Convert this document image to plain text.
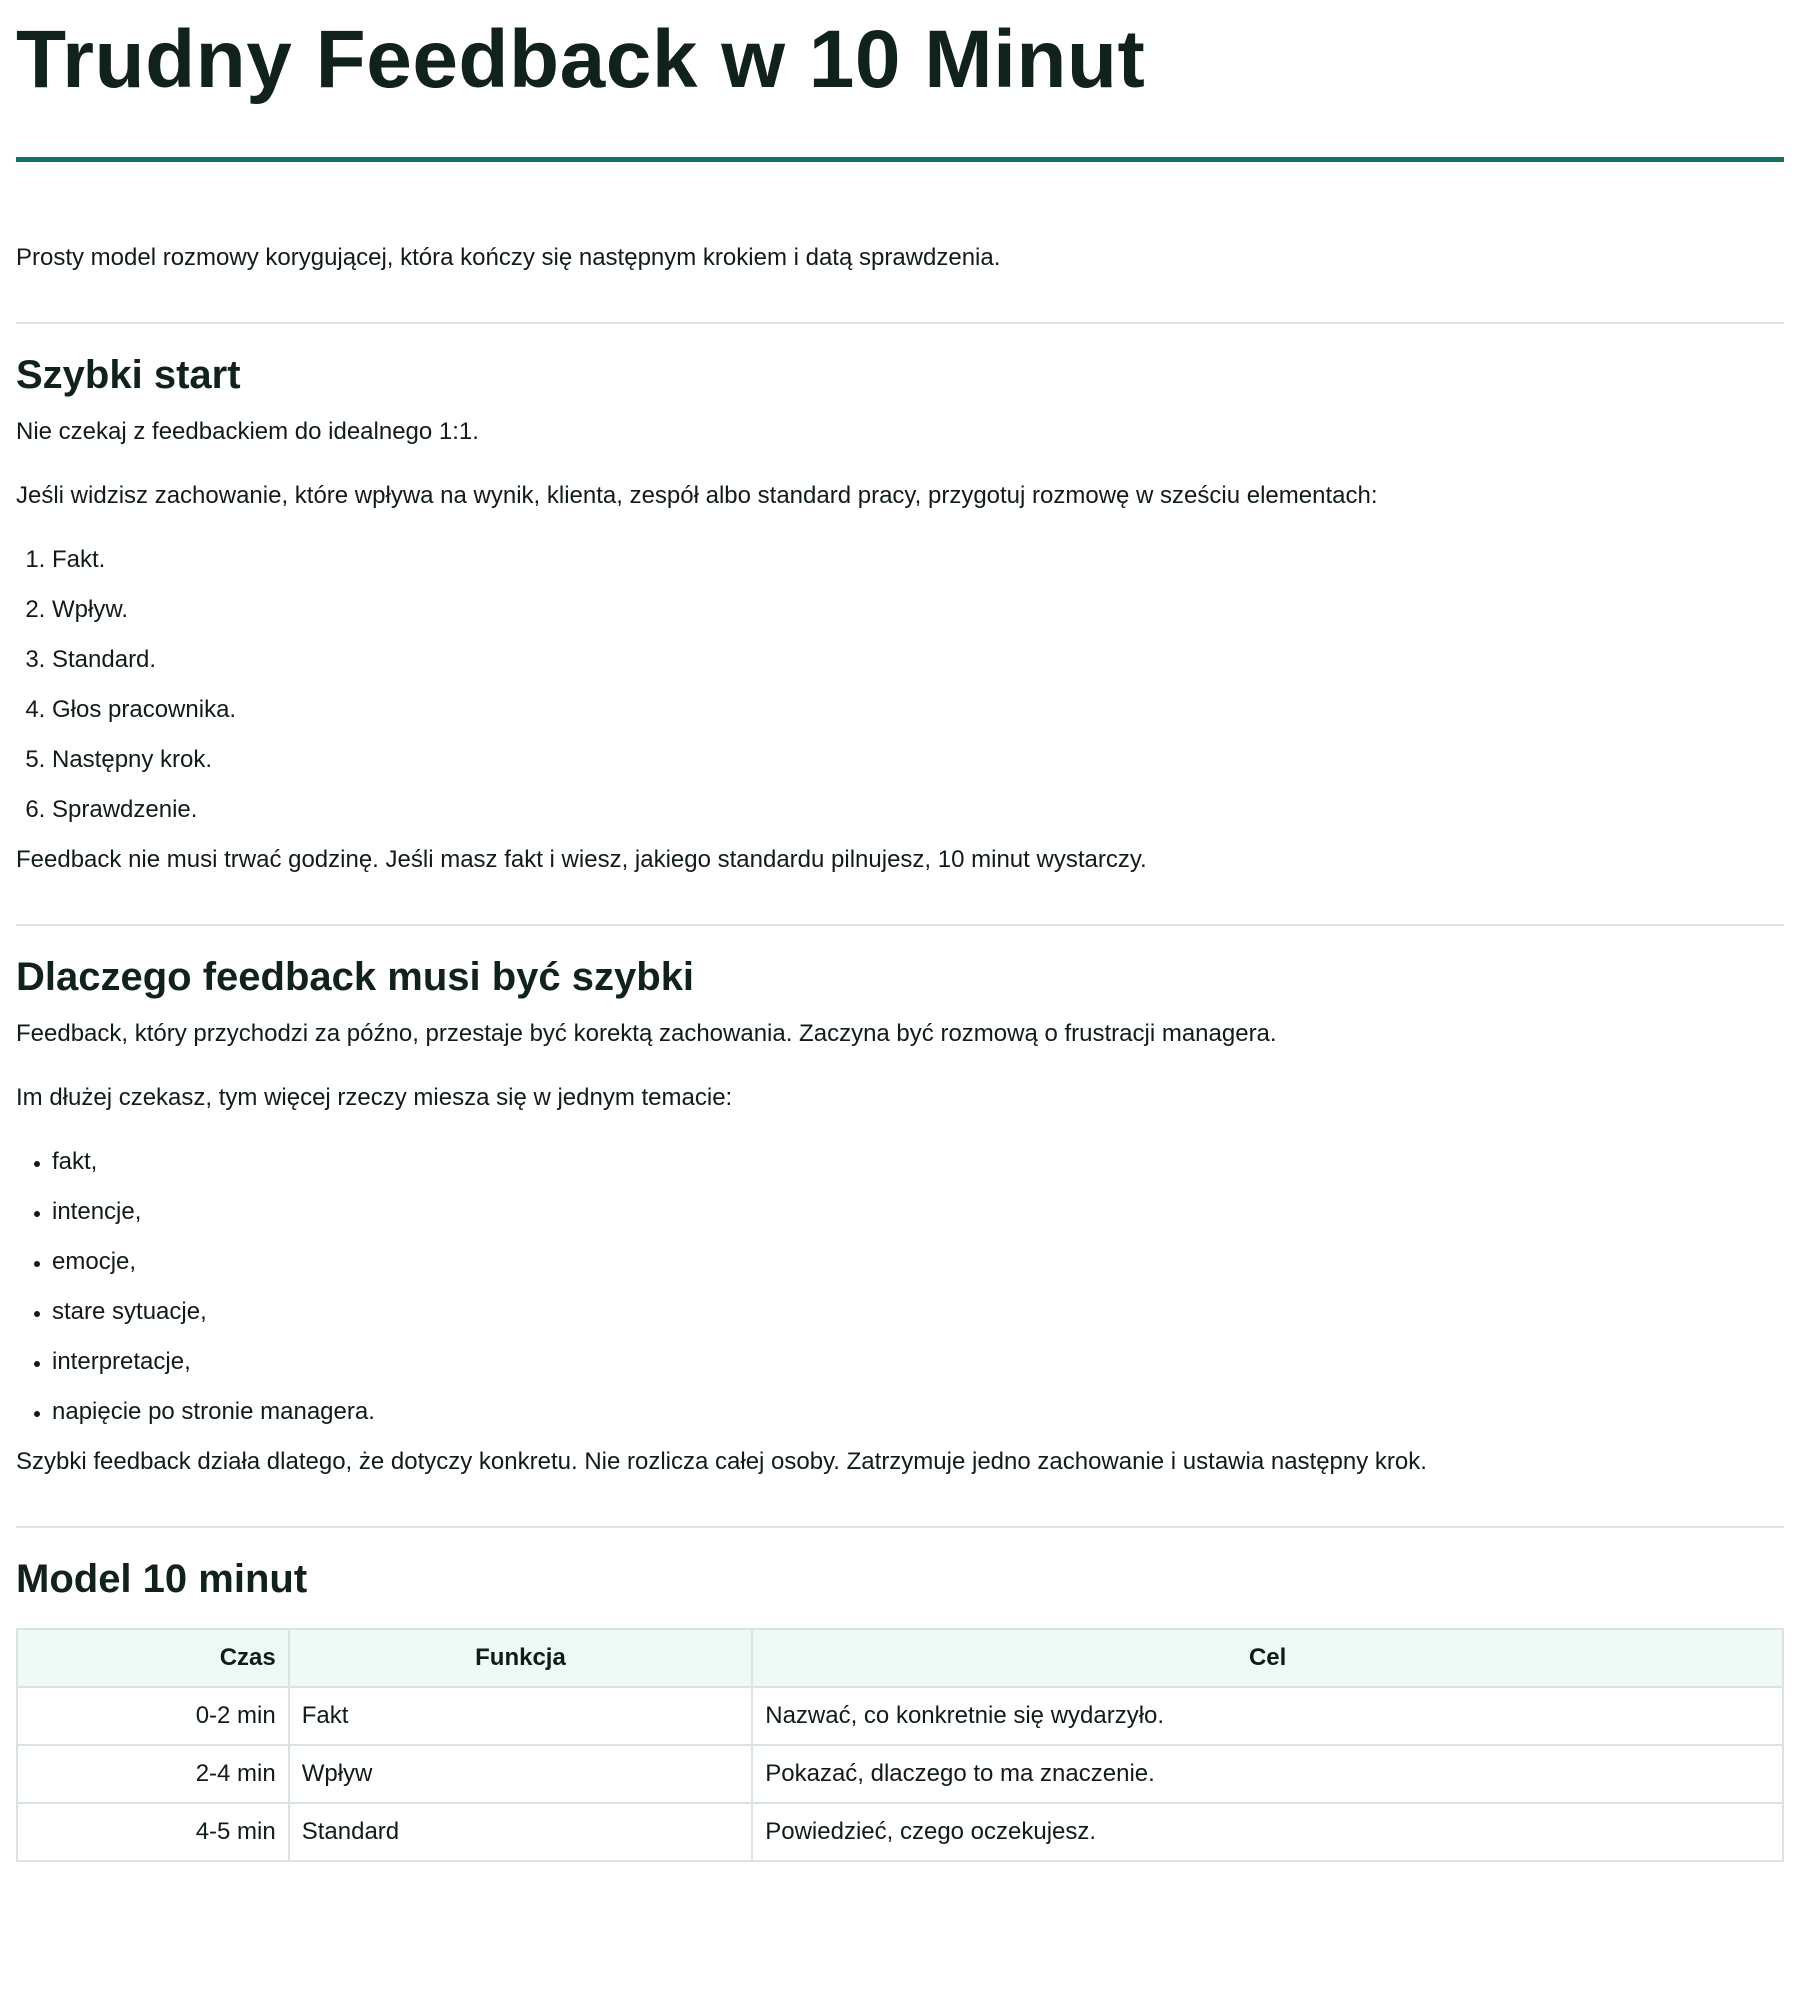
Trudny Feedback w 10 Minut

Prosty model rozmowy korygującej, która kończy się następnym krokiem i datą sprawdzenia.

Szybki start

Nie czekaj z feedbackiem do idealnego 1:1.

Jeśli widzisz zachowanie, które wpływa na wynik, klienta, zespół albo standard pracy, przygotuj rozmowę w sześciu elementach:

1. Fakt.
2. Wpływ.
3. Standard.
4. Głos pracownika.
5. Następny krok.
6. Sprawdzenie.

Feedback nie musi trwać godzinę. Jeśli masz fakt i wiesz, jakiego standardu pilnujesz, 10 minut wystarczy.

Dlaczego feedback musi być szybki

Feedback, który przychodzi za późno, przestaje być korektą zachowania. Zaczyna być rozmową o frustracji managera.

Im dłużej czekasz, tym więcej rzeczy miesza się w jednym temacie:

• fakt,
• intencje,
• emocje,
• stare sytuacje,
• interpretacje,
• napięcie po stronie managera.

Szybki feedback działa dlatego, że dotyczy konkretu. Nie rozlicza całej osoby. Zatrzymuje jedno zachowanie i ustawia następny krok.

Model 10 minut
Czas	Funkcja	Cel
0-2 min	Fakt	Nazwać, co konkretnie się wydarzyło.
2-4 min	Wpływ	Pokazać, dlaczego to ma znaczenie.
4-5 min	Standard	Powiedzieć, czego oczekujesz.
